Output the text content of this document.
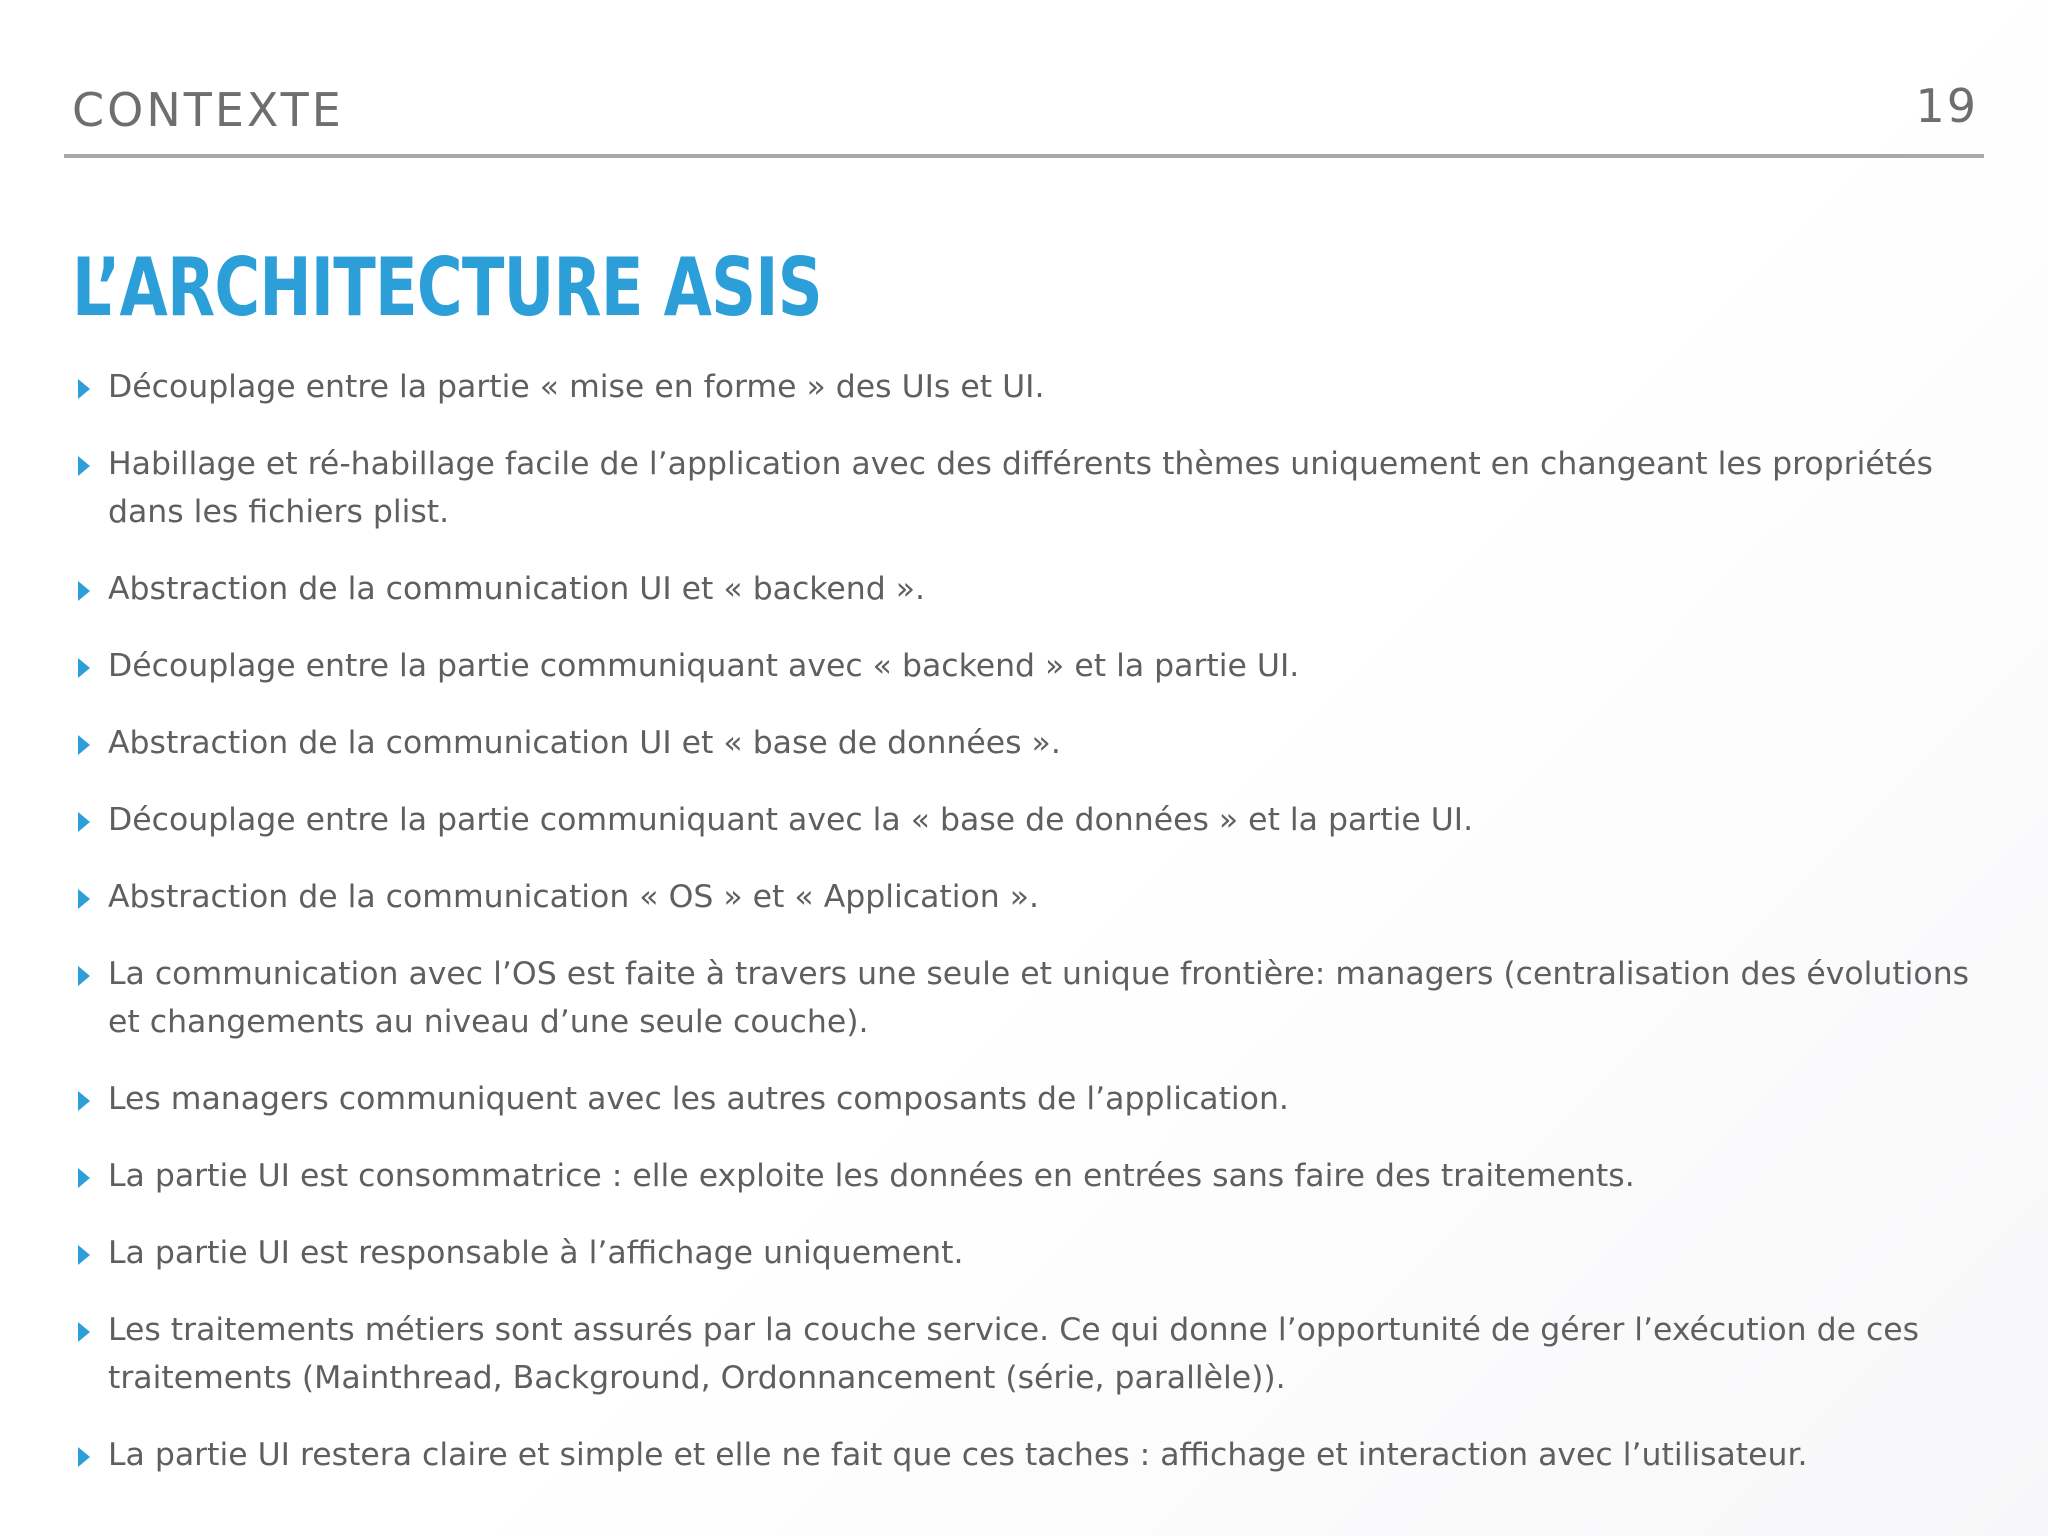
CONTEXTE	19
L’ARCHITECTURE ASIS
Découplage entre la partie « mise en forme » des UIs et UI.
Habillage et ré-habillage facile de l’application avec des différents thèmes uniquement en changeant les propriétés dans les fichiers plist.
Abstraction de la communication UI et « backend ».
Découplage entre la partie communiquant avec « backend » et la partie UI.
Abstraction de la communication UI et « base de données ».
Découplage entre la partie communiquant avec la « base de données » et la partie UI.
Abstraction de la communication « OS » et « Application ».
La communication avec l’OS est faite à travers une seule et unique frontière: managers (centralisation des évolutions et changements au niveau d’une seule couche).
Les managers communiquent avec les autres composants de l’application.
La partie UI est consommatrice : elle exploite les données en entrées sans faire des traitements.
La partie UI est responsable à l’affichage uniquement.
Les traitements métiers sont assurés par la couche service. Ce qui donne l’opportunité de gérer l’exécution de ces traitements (Mainthread, Background, Ordonnancement (série, parallèle)).
La partie UI restera claire et simple et elle ne fait que ces taches : affichage et interaction avec l’utilisateur.
